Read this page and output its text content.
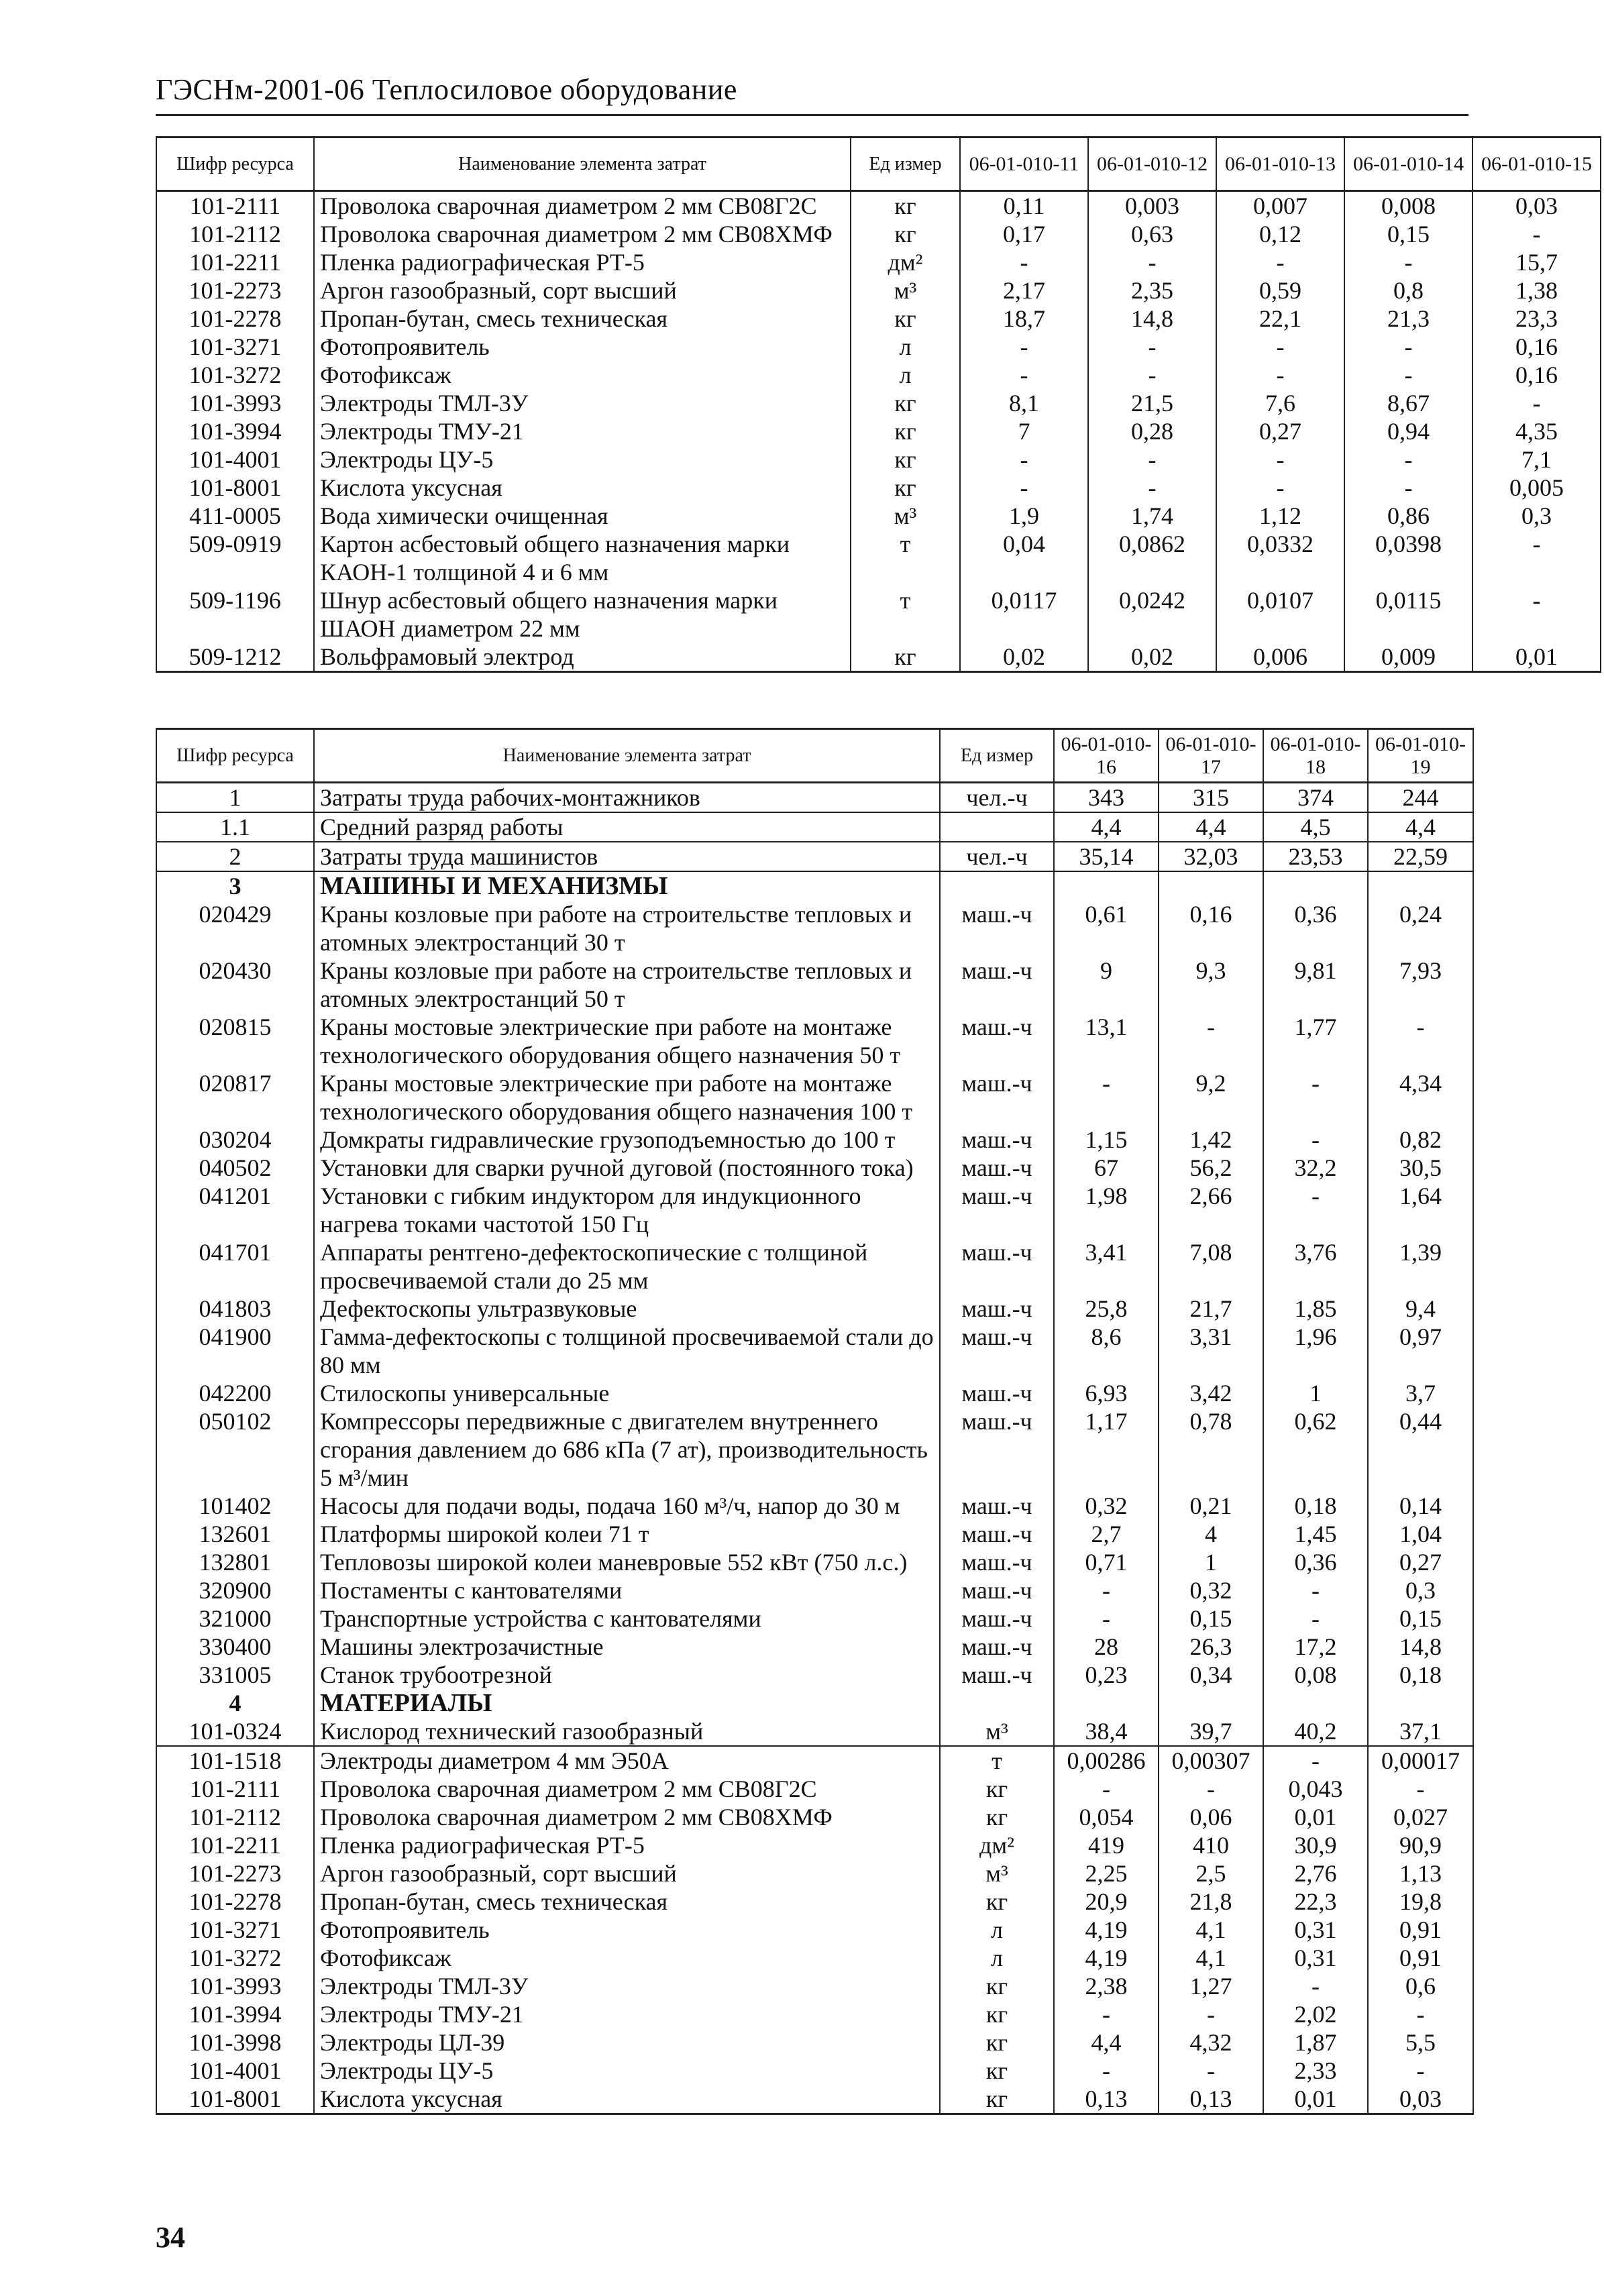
ГЭСНм-2001-06 Теплосиловое оборудование
Шифр ресурса	Наименование элемента затрат	Ед измер	06-01-010-11	06-01-010-12	06-01-010-13	06-01-010-14	06-01-010-15
101-2111	Проволока сварочная диаметром 2 мм СВ08Г2С	кг	0,11	0,003	0,007	0,008	0,03
101-2112	Проволока сварочная диаметром 2 мм СВ08ХМФ	кг	0,17	0,63	0,12	0,15	-
101-2211	Пленка радиографическая РТ-5	дм²	-	-	-	-	15,7
101-2273	Аргон газообразный, сорт высший	м³	2,17	2,35	0,59	0,8	1,38
101-2278	Пропан-бутан, смесь техническая	кг	18,7	14,8	22,1	21,3	23,3
101-3271	Фотопроявитель	л	-	-	-	-	0,16
101-3272	Фотофиксаж	л	-	-	-	-	0,16
101-3993	Электроды ТМЛ-3У	кг	8,1	21,5	7,6	8,67	-
101-3994	Электроды ТМУ-21	кг	7	0,28	0,27	0,94	4,35
101-4001	Электроды ЦУ-5	кг	-	-	-	-	7,1
101-8001	Кислота уксусная	кг	-	-	-	-	0,005
411-0005	Вода химически очищенная	м³	1,9	1,74	1,12	0,86	0,3
509-0919	Картон асбестовый общего назначения марки КАОН-1 толщиной 4 и 6 мм	т	0,04	0,0862	0,0332	0,0398	-
509-1196	Шнур асбестовый общего назначения марки ШАОН диаметром 22 мм	т	0,0117	0,0242	0,0107	0,0115	-
509-1212	Вольфрамовый электрод	кг	0,02	0,02	0,006	0,009	0,01
Шифр ресурса	Наименование элемента затрат	Ед измер	06-01-010-16	06-01-010-17	06-01-010-18	06-01-010-19
1	Затраты труда рабочих-монтажников	чел.-ч	343	315	374	244
1.1	Средний разряд работы		4,4	4,4	4,5	4,4
2	Затраты труда машинистов	чел.-ч	35,14	32,03	23,53	22,59
3	МАШИНЫ И МЕХАНИЗМЫ					
020429	Краны козловые при работе на строительстве тепловых и атомных электростанций 30 т	маш.-ч	0,61	0,16	0,36	0,24
020430	Краны козловые при работе на строительстве тепловых и атомных электростанций 50 т	маш.-ч	9	9,3	9,81	7,93
020815	Краны мостовые электрические при работе на монтаже технологического оборудования общего назначения 50 т	маш.-ч	13,1	-	1,77	-
020817	Краны мостовые электрические при работе на монтаже технологического оборудования общего назначения 100 т	маш.-ч	-	9,2	-	4,34
030204	Домкраты гидравлические грузоподъемностью до 100 т	маш.-ч	1,15	1,42	-	0,82
040502	Установки для сварки ручной дуговой (постоянного тока)	маш.-ч	67	56,2	32,2	30,5
041201	Установки с гибким индуктором для индукционного нагрева токами частотой 150 Гц	маш.-ч	1,98	2,66	-	1,64
041701	Аппараты рентгено-дефектоскопические с толщиной просвечиваемой стали до 25 мм	маш.-ч	3,41	7,08	3,76	1,39
041803	Дефектоскопы ультразвуковые	маш.-ч	25,8	21,7	1,85	9,4
041900	Гамма-дефектоскопы с толщиной просвечиваемой стали до 80 мм	маш.-ч	8,6	3,31	1,96	0,97
042200	Стилоскопы универсальные	маш.-ч	6,93	3,42	1	3,7
050102	Компрессоры передвижные с двигателем внутреннего сгорания давлением до 686 кПа (7 ат), производительность 5 м³/мин	маш.-ч	1,17	0,78	0,62	0,44
101402	Насосы для подачи воды, подача 160 м³/ч, напор до 30 м	маш.-ч	0,32	0,21	0,18	0,14
132601	Платформы широкой колеи 71 т	маш.-ч	2,7	4	1,45	1,04
132801	Тепловозы широкой колеи маневровые 552 кВт (750 л.с.)	маш.-ч	0,71	1	0,36	0,27
320900	Постаменты с кантователями	маш.-ч	-	0,32	-	0,3
321000	Транспортные устройства с кантователями	маш.-ч	-	0,15	-	0,15
330400	Машины электрозачистные	маш.-ч	28	26,3	17,2	14,8
331005	Станок трубоотрезной	маш.-ч	0,23	0,34	0,08	0,18
4	МАТЕРИАЛЫ					
101-0324	Кислород технический газообразный	м³	38,4	39,7	40,2	37,1
101-1518	Электроды диаметром 4 мм Э50А	т	0,00286	0,00307	-	0,00017
101-2111	Проволока сварочная диаметром 2 мм СВ08Г2С	кг	-	-	0,043	-
101-2112	Проволока сварочная диаметром 2 мм СВ08ХМФ	кг	0,054	0,06	0,01	0,027
101-2211	Пленка радиографическая РТ-5	дм²	419	410	30,9	90,9
101-2273	Аргон газообразный, сорт высший	м³	2,25	2,5	2,76	1,13
101-2278	Пропан-бутан, смесь техническая	кг	20,9	21,8	22,3	19,8
101-3271	Фотопроявитель	л	4,19	4,1	0,31	0,91
101-3272	Фотофиксаж	л	4,19	4,1	0,31	0,91
101-3993	Электроды ТМЛ-3У	кг	2,38	1,27	-	0,6
101-3994	Электроды ТМУ-21	кг	-	-	2,02	-
101-3998	Электроды ЦЛ-39	кг	4,4	4,32	1,87	5,5
101-4001	Электроды ЦУ-5	кг	-	-	2,33	-
101-8001	Кислота уксусная	кг	0,13	0,13	0,01	0,03
34
